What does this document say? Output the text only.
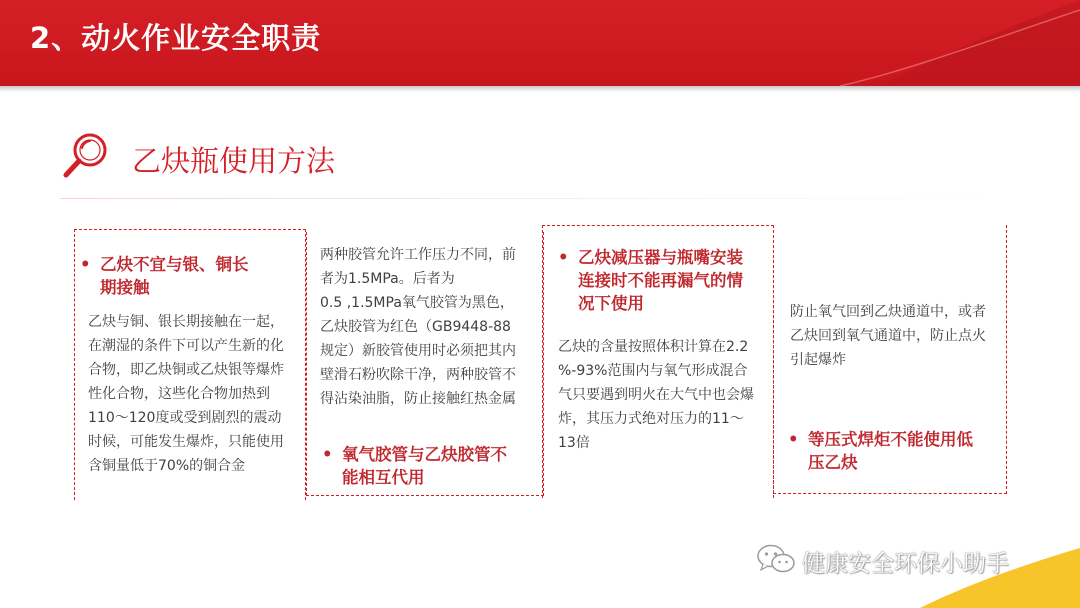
2、动火作业安全职责
乙炔瓶使用方法
• 乙炔不宜与银、铜长
期接触
乙炔与铜、银长期接触在一起，
在潮湿的条件下可以产生新的化
合物，即乙炔铜或乙炔银等爆炸
性化合物，这些化合物加热到
110～120度或受到剧烈的震动
时候，可能发生爆炸，只能使用
含铜量低于70%的铜合金
两种胶管允许工作压力不同，前
者为1.5MPa。后者为
0.5 ,1.5MPa氧气胶管为黑色，
乙炔胶管为红色（GB9448-88
规定）新胶管使用时必须把其内
壁滑石粉吹除干净，两种胶管不
得沾染油脂，防止接触红热金属
• 氧气胶管与乙炔胶管不
能相互代用
• 乙炔减压器与瓶嘴安装
连接时不能再漏气的情
况下使用
乙炔的含量按照体积计算在2.2
%-93%范围内与氧气形成混合
气只要遇到明火在大气中也会爆
炸，其压力式绝对压力的11～
13倍
防止氧气回到乙炔通道中，或者
乙炔回到氧气通道中，防止点火
引起爆炸
• 等压式焊炬不能使用低
压乙炔
健康安全环保小助手
